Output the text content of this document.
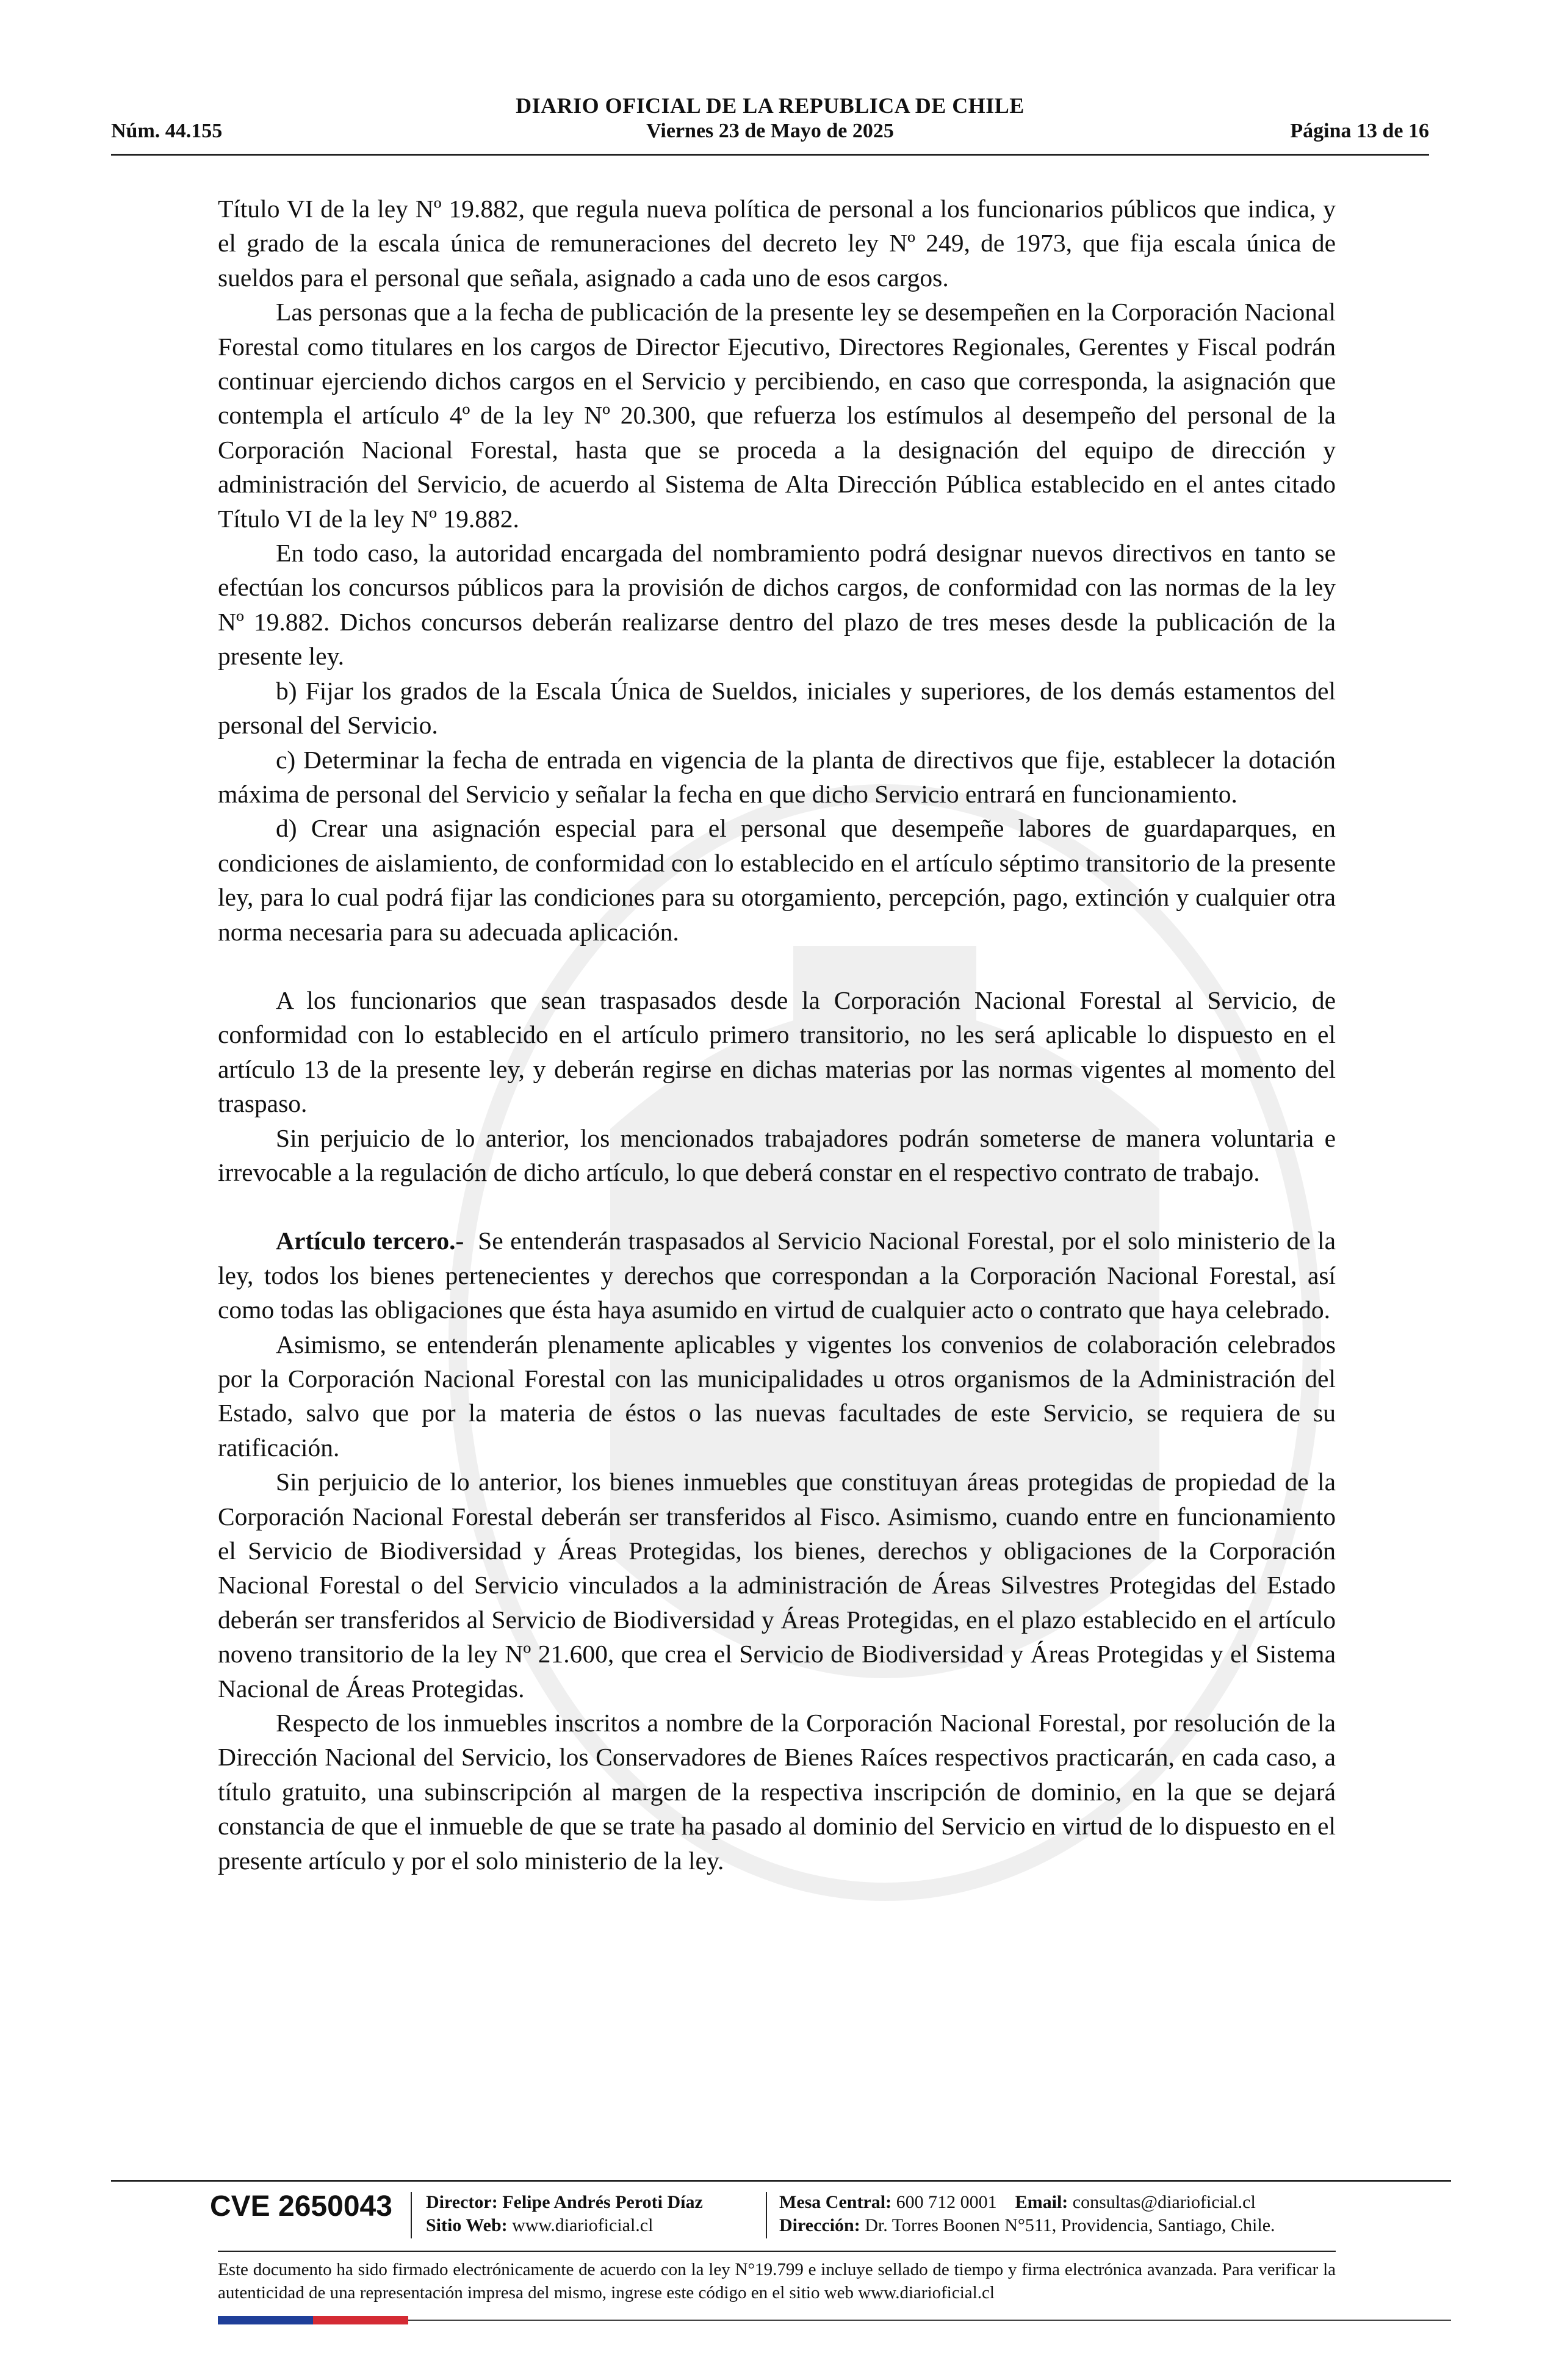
DIARIO OFICIAL DE LA REPUBLICA DE CHILE
Núm. 44.155	Viernes 23 de Mayo de 2025	Página 13 de 16

Título VI de la ley Nº 19.882, que regula nueva política de personal a los funcionarios públicos que indica, y el grado de la escala única de remuneraciones del decreto ley Nº 249, de 1973, que fija escala única de sueldos para el personal que señala, asignado a cada uno de esos cargos.

Las personas que a la fecha de publicación de la presente ley se desempeñen en la Corporación Nacional Forestal como titulares en los cargos de Director Ejecutivo, Directores Regionales, Gerentes y Fiscal podrán continuar ejerciendo dichos cargos en el Servicio y percibiendo, en caso que corresponda, la asignación que contempla el artículo 4º de la ley Nº 20.300, que refuerza los estímulos al desempeño del personal de la Corporación Nacional Forestal, hasta que se proceda a la designación del equipo de dirección y administración del Servicio, de acuerdo al Sistema de Alta Dirección Pública establecido en el antes citado Título VI de la ley Nº 19.882.

En todo caso, la autoridad encargada del nombramiento podrá designar nuevos directivos en tanto se efectúan los concursos públicos para la provisión de dichos cargos, de conformidad con las normas de la ley Nº 19.882. Dichos concursos deberán realizarse dentro del plazo de tres meses desde la publicación de la presente ley.

b) Fijar los grados de la Escala Única de Sueldos, iniciales y superiores, de los demás estamentos del personal del Servicio.

c) Determinar la fecha de entrada en vigencia de la planta de directivos que fije, establecer la dotación máxima de personal del Servicio y señalar la fecha en que dicho Servicio entrará en funcionamiento.

d) Crear una asignación especial para el personal que desempeñe labores de guardaparques, en condiciones de aislamiento, de conformidad con lo establecido en el artículo séptimo transitorio de la presente ley, para lo cual podrá fijar las condiciones para su otorgamiento, percepción, pago, extinción y cualquier otra norma necesaria para su adecuada aplicación.

A los funcionarios que sean traspasados desde la Corporación Nacional Forestal al Servicio, de conformidad con lo establecido en el artículo primero transitorio, no les será aplicable lo dispuesto en el artículo 13 de la presente ley, y deberán regirse en dichas materias por las normas vigentes al momento del traspaso.

Sin perjuicio de lo anterior, los mencionados trabajadores podrán someterse de manera voluntaria e irrevocable a la regulación de dicho artículo, lo que deberá constar en el respectivo contrato de trabajo.

Artículo tercero.- Se entenderán traspasados al Servicio Nacional Forestal, por el solo ministerio de la ley, todos los bienes pertenecientes y derechos que correspondan a la Corporación Nacional Forestal, así como todas las obligaciones que ésta haya asumido en virtud de cualquier acto o contrato que haya celebrado.

Asimismo, se entenderán plenamente aplicables y vigentes los convenios de colaboración celebrados por la Corporación Nacional Forestal con las municipalidades u otros organismos de la Administración del Estado, salvo que por la materia de éstos o las nuevas facultades de este Servicio, se requiera de su ratificación.

Sin perjuicio de lo anterior, los bienes inmuebles que constituyan áreas protegidas de propiedad de la Corporación Nacional Forestal deberán ser transferidos al Fisco. Asimismo, cuando entre en funcionamiento el Servicio de Biodiversidad y Áreas Protegidas, los bienes, derechos y obligaciones de la Corporación Nacional Forestal o del Servicio vinculados a la administración de Áreas Silvestres Protegidas del Estado deberán ser transferidos al Servicio de Biodiversidad y Áreas Protegidas, en el plazo establecido en el artículo noveno transitorio de la ley Nº 21.600, que crea el Servicio de Biodiversidad y Áreas Protegidas y el Sistema Nacional de Áreas Protegidas.

Respecto de los inmuebles inscritos a nombre de la Corporación Nacional Forestal, por resolución de la Dirección Nacional del Servicio, los Conservadores de Bienes Raíces respectivos practicarán, en cada caso, a título gratuito, una subinscripción al margen de la respectiva inscripción de dominio, en la que se dejará constancia de que el inmueble de que se trate ha pasado al dominio del Servicio en virtud de lo dispuesto en el presente artículo y por el solo ministerio de la ley.

CVE 2650043 Director: Felipe Andrés Peroti Díaz
Sitio Web: www.diarioficial.cl
Mesa Central: 600 712 0001 Email: consultas@diarioficial.cl
Dirección: Dr. Torres Boonen N°511, Providencia, Santiago, Chile.
Este documento ha sido firmado electrónicamente de acuerdo con la ley N°19.799 e incluye sellado de tiempo y firma electrónica avanzada. Para verificar la autenticidad de una representación impresa del mismo, ingrese este código en el sitio web www.diarioficial.cl
